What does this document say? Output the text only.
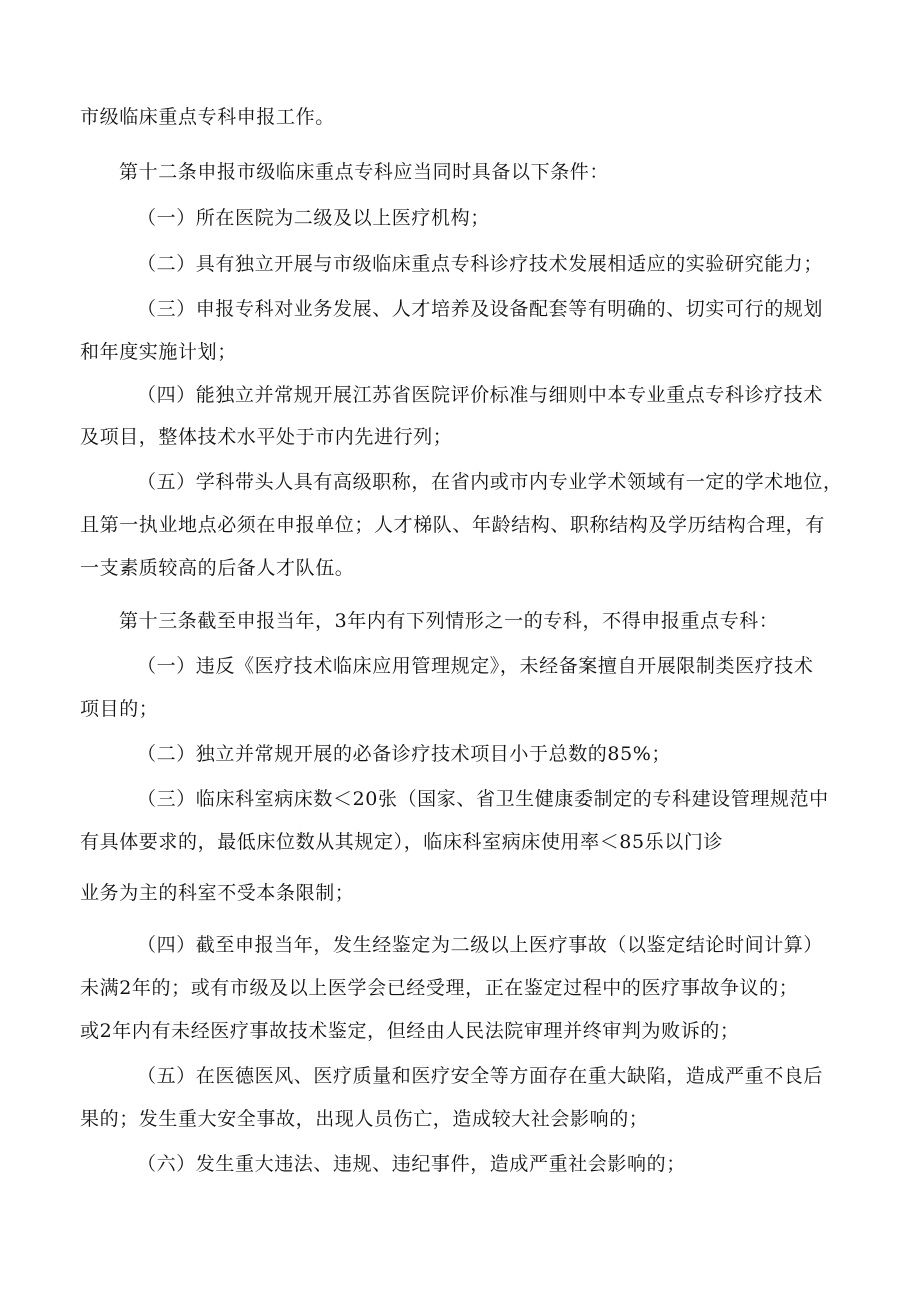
市级临床重点专科申报工作。
第十二条申报市级临床重点专科应当同时具备以下条件：
（一）所在医院为二级及以上医疗机构；
（二）具有独立开展与市级临床重点专科诊疗技术发展相适应的实验研究能力；
（三）申报专科对业务发展、人才培养及设备配套等有明确的、切实可行的规划
和年度实施计划；
（四）能独立并常规开展江苏省医院评价标准与细则中本专业重点专科诊疗技术
及项目，整体技术水平处于市内先进行列；
（五）学科带头人具有高级职称，在省内或市内专业学术领域有一定的学术地位，
且第一执业地点必须在申报单位；人才梯队、年龄结构、职称结构及学历结构合理，有
一支素质较高的后备人才队伍。
第十三条截至申报当年，3年内有下列情形之一的专科，不得申报重点专科：
（一）违反《医疗技术临床应用管理规定》，未经备案擅自开展限制类医疗技术
项目的；
（二）独立并常规开展的必备诊疗技术项目小于总数的85%；
（三）临床科室病床数＜20张（国家、省卫生健康委制定的专科建设管理规范中
有具体要求的，最低床位数从其规定），临床科室病床使用率＜85乐以门诊
业务为主的科室不受本条限制；
（四）截至申报当年，发生经鉴定为二级以上医疗事故（以鉴定结论时间计算）
未满2年的；或有市级及以上医学会已经受理，正在鉴定过程中的医疗事故争议的；
或2年内有未经医疗事故技术鉴定，但经由人民法院审理并终审判为败诉的；
（五）在医德医风、医疗质量和医疗安全等方面存在重大缺陷，造成严重不良后
果的；发生重大安全事故，出现人员伤亡，造成较大社会影响的；
（六）发生重大违法、违规、违纪事件，造成严重社会影响的；
